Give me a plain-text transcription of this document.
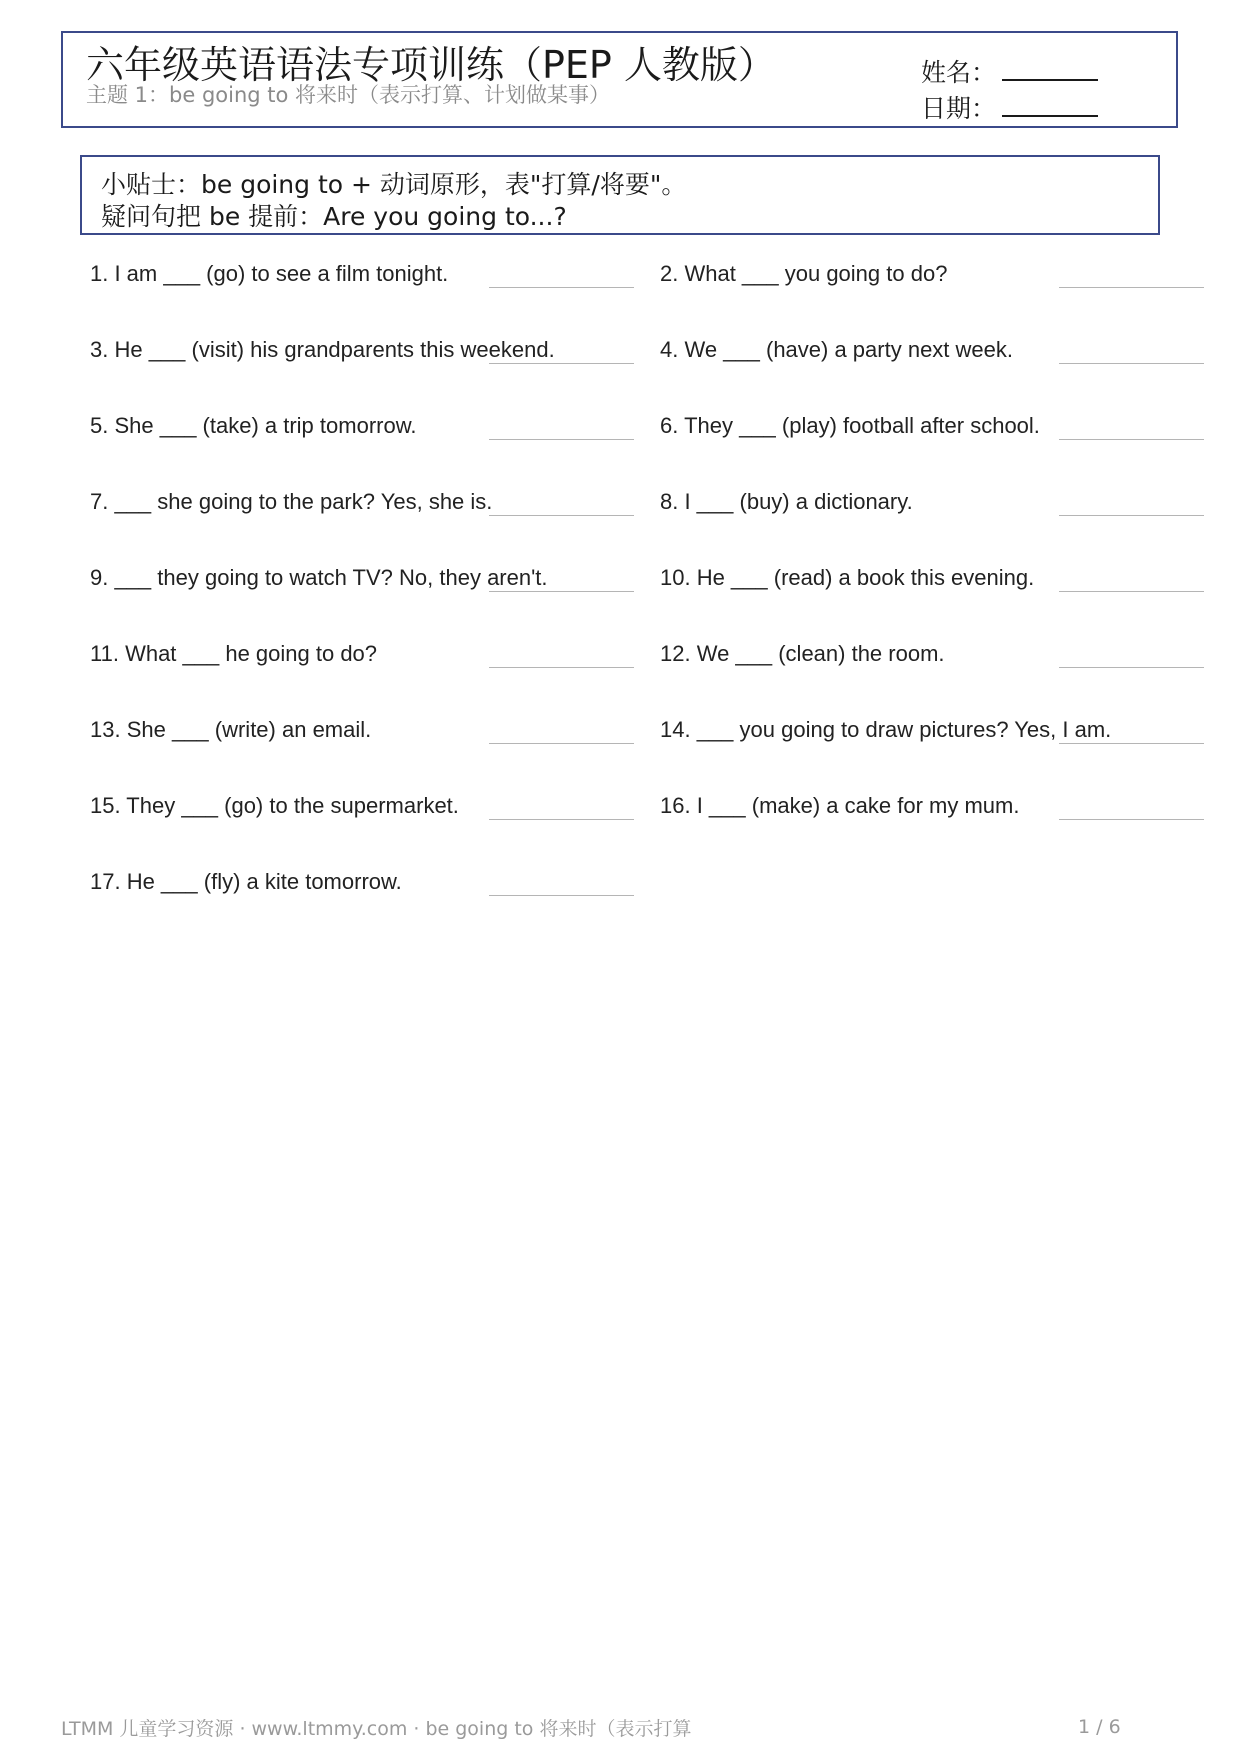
六年级英语语法专项训练（PEP 人教版）
主题 1：be going to 将来时（表示打算、计划做某事）
姓名：
日期：
小贴士：be going to + 动词原形，表"打算/将要"。
疑问句把 be 提前：Are you going to...?
1. I am ___ (go) to see a film tonight.
3. He ___ (visit) his grandparents this weekend.
5. She ___ (take) a trip tomorrow.
7. ___ she going to the park? Yes, she is.
9. ___ they going to watch TV? No, they aren't.
11. What ___ he going to do?
13. She ___ (write) an email.
15. They ___ (go) to the supermarket.
17. He ___ (fly) a kite tomorrow.
2. What ___ you going to do?
4. We ___ (have) a party next week.
6. They ___ (play) football after school.
8. I ___ (buy) a dictionary.
10. He ___ (read) a book this evening.
12. We ___ (clean) the room.
14. ___ you going to draw pictures? Yes, I am.
16. I ___ (make) a cake for my mum.
LTMM 儿童学习资源 · www.ltmmy.com · be going to 将来时（表示打算	1 / 6
